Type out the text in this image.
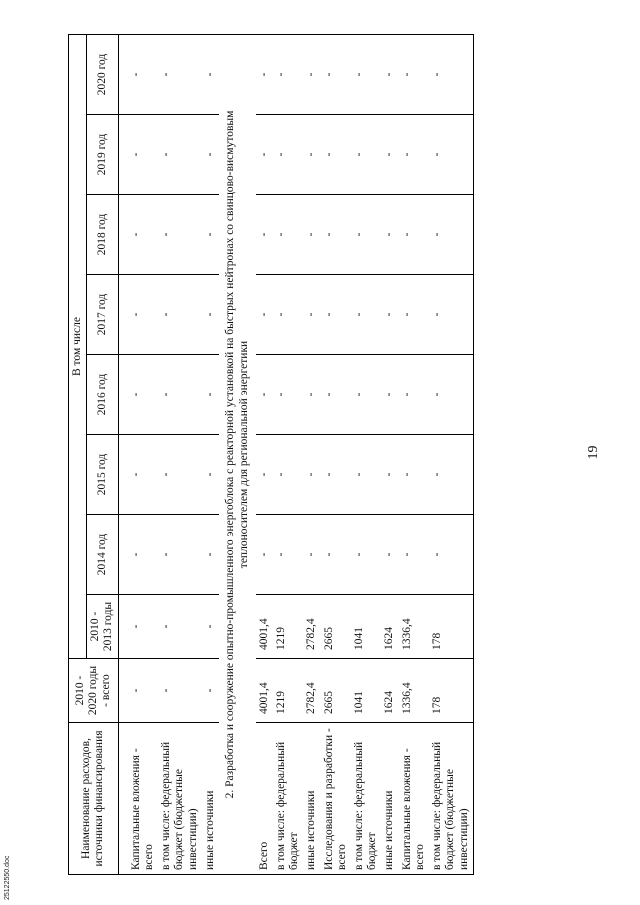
25122550.doc
19
Наименование расходов, источники финансирования	2010 - 2020 годы - всего	В том числе							
		2010 - 2013 годы	2014 год	2015 год	2016 год	2017 год	2018 год	2019 год	2020 год

Капитальные вложения - всего	-	-	-	-	-	-	-	-	-
в том числе: федеральный бюджет (бюджетные инвестиции)	-	-	-	-	-	-	-	-	-
иные источники	-	-	-	-	-	-	-	-	-
2. Разработка и сооружение опытно-промышленного энергоблока с реакторной установкой на быстрых нейтронах со свинцово-висмутовым теплоносителем для региональной энергетики									
Всего	4001,4	4001,4	-	-	-	-	-	-	-
в том числе: федеральный бюджет	1219	1219	-	-	-	-	-	-	-
иные источники	2782,4	2782,4	-	-	-	-	-	-	-
Исследования и разработки - всего	2665	2665	-	-	-	-	-	-	-
в том числе: федеральный бюджет	1041	1041	-	-	-	-	-	-	-
иные источники	1624	1624	-	-	-	-	-	-	-
Капитальные вложения - всего	1336,4	1336,4	-	-	-	-	-	-	-
в том числе: федеральный бюджет (бюджетные инвестиции)	178	178	-	-	-	-	-	-	-
